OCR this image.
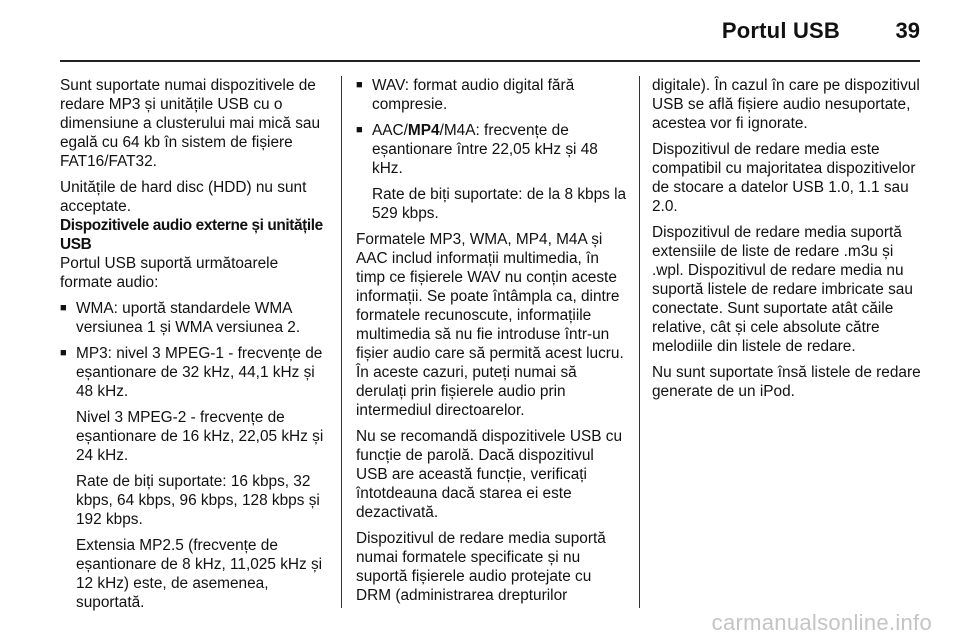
Portul USB	39

Sunt suportate numai dispozitivele de redare MP3 și unitățile USB cu o dimensiune a clusterului mai mică sau egală cu 64 kb în sistem de fișiere FAT16/FAT32.

Unitățile de hard disc (HDD) nu sunt acceptate.

Dispozitivele audio externe și unitățile USB

Portul USB suportă următoarele formate audio:

■ WMA: uportă standardele WMA versiunea 1 și WMA versiunea 2.
■ MP3: nivel 3 MPEG-1 - frecvențe de eșantionare de 32 kHz, 44,1 kHz și 48 kHz.

Nivel 3 MPEG-2 - frecvențe de eșantionare de 16 kHz, 22,05 kHz și 24 kHz.

Rate de biți suportate: 16 kbps, 32 kbps, 64 kbps, 96 kbps, 128 kbps și 192 kbps.

Extensia MP2.5 (frecvențe de eșantionare de 8 kHz, 11,025 kHz și 12 kHz) este, de asemenea, suportată.

■ WAV: format audio digital fără compresie.
■ AAC/MP4/M4A: frecvențe de eșantionare între 22,05 kHz și 48 kHz.

Rate de biți suportate: de la 8 kbps la 529 kbps.

Formatele MP3, WMA, MP4, M4A și AAC includ informații multimedia, în timp ce fișierele WAV nu conțin aceste informații. Se poate întâmpla ca, dintre formatele recunoscute, informațiile multimedia să nu fie introduse într-un fișier audio care să permită acest lucru. În aceste cazuri, puteți numai să derulați prin fișierele audio prin intermediul directoarelor.

Nu se recomandă dispozitivele USB cu funcție de parolă. Dacă dispozitivul USB are această funcție, verificați întotdeauna dacă starea ei este dezactivată.

Dispozitivul de redare media suportă numai formatele specificate și nu suportă fișierele audio protejate cu DRM (administrarea drepturilor

digitale). În cazul în care pe dispozitivul USB se află fișiere audio nesuportate, acestea vor fi ignorate.

Dispozitivul de redare media este compatibil cu majoritatea dispozitivelor de stocare a datelor USB 1.0, 1.1 sau 2.0.

Dispozitivul de redare media suportă extensiile de liste de redare .m3u și .wpl. Dispozitivul de redare media nu suportă listele de redare imbricate sau conectate. Sunt suportate atât căile relative, cât și cele absolute către melodiile din listele de redare.

Nu sunt suportate însă listele de redare generate de un iPod.

carmanualsonline.info
